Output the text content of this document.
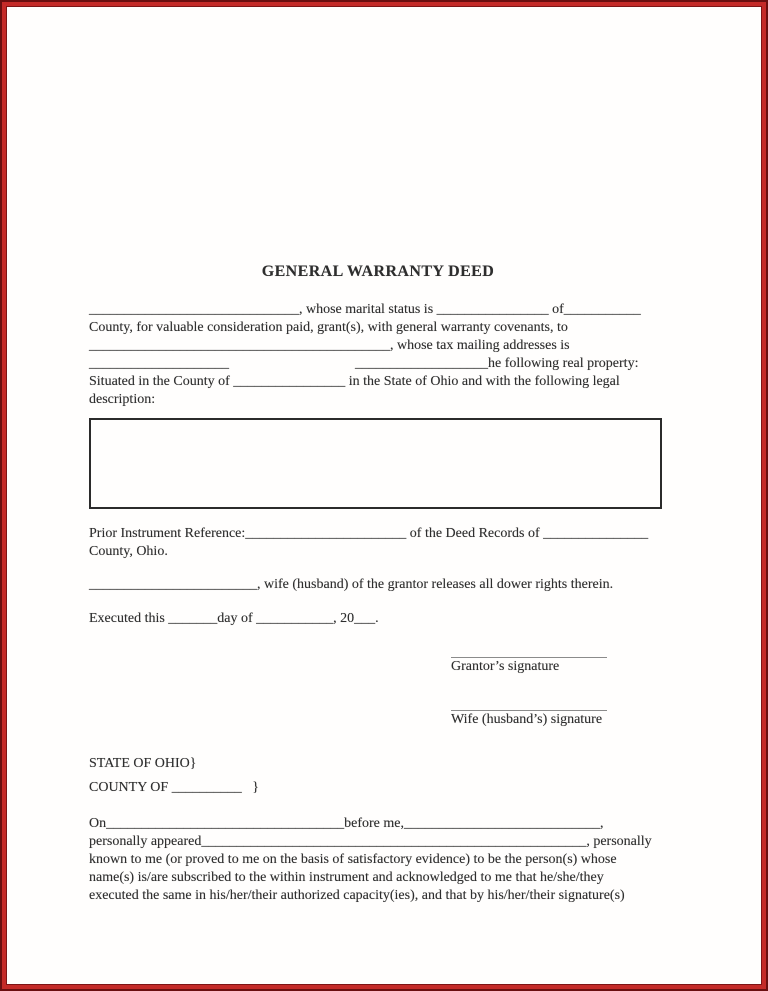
GENERAL WARRANTY DEED
______________________________, whose marital status is ________________ of___________
County, for valuable consideration paid, grant(s), with general warranty covenants, to
___________________________________________, whose tax mailing addresses is
____________________                                    ___________________he following real property:
Situated in the County of ________________ in the State of Ohio and with the following legal
description:
Prior Instrument Reference:_______________________ of the Deed Records of _______________
County, Ohio.
________________________, wife (husband) of the grantor releases all dower rights therein.
Executed this _______day of ___________, 20___.
Grantor’s signature
Wife (husband’s) signature
STATE OF OHIO}
COUNTY OF __________   }
On__________________________________before me,____________________________,
personally appeared_______________________________________________________, personally
known to me (or proved to me on the basis of satisfactory evidence) to be the person(s) whose
name(s) is/are subscribed to the within instrument and acknowledged to me that he/she/they
executed the same in his/her/their authorized capacity(ies), and that by his/her/their signature(s)
